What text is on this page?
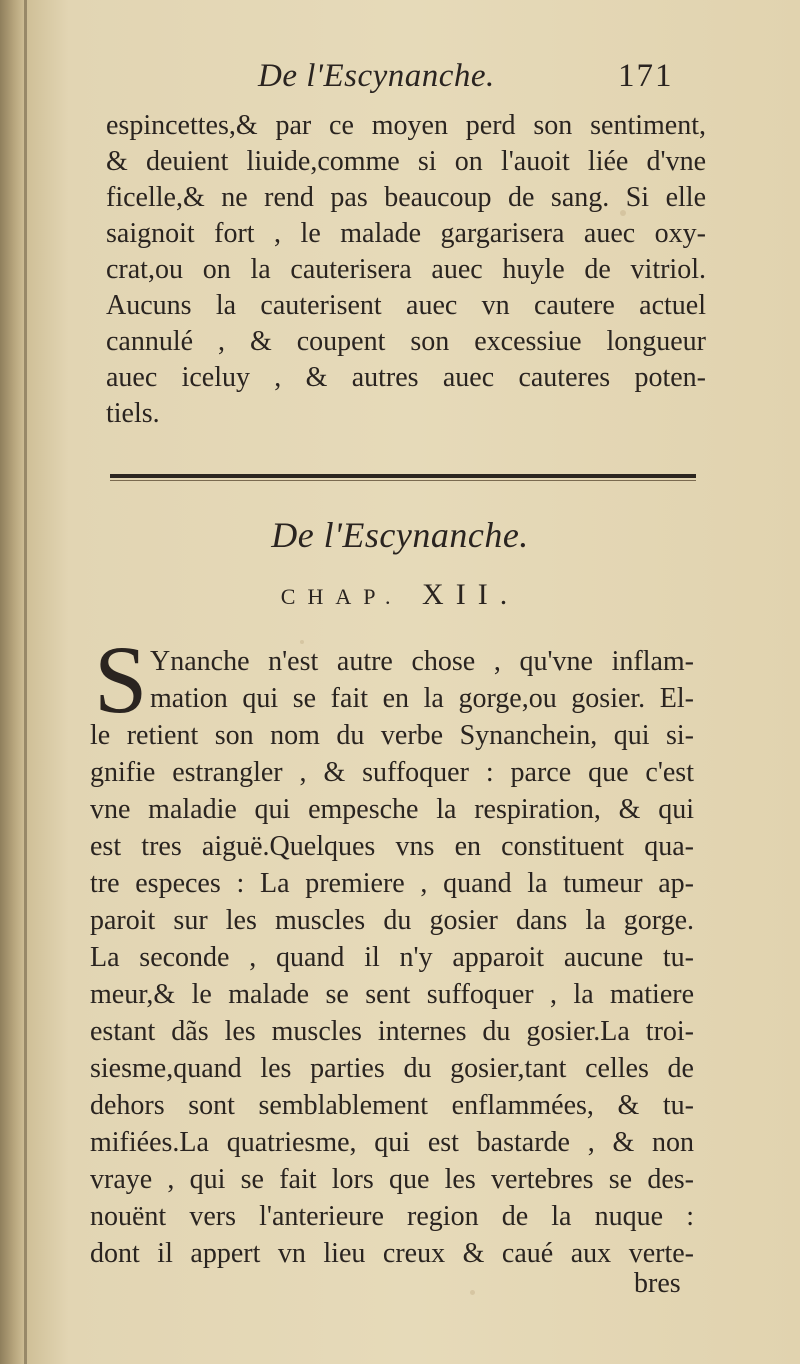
De l'Escynanche.	171
espincettes,& par ce moyen perd son sentiment,
& deuient liuide,comme si on l'auoit liée d'vne
ficelle,& ne rend pas beaucoup de sang. Si elle
saignoit fort , le malade gargarisera auec oxy-
crat,ou on la cauterisera auec huyle de vitriol.
Aucuns la cauterisent auec vn cautere actuel
cannulé , & coupent son excessiue longueur
auec iceluy , & autres auec cauteres poten-
tiels.
De l'Escynanche.
CHAP. XII.
S Ynanche n'est autre chose , qu'vne inflam-
mation qui se fait en la gorge,ou gosier. El-
le retient son nom du verbe Synanchein, qui si-
gnifie estrangler , & suffoquer : parce que c'est
vne maladie qui empesche la respiration, & qui
est tres aiguë.Quelques vns en constituent qua-
tre especes : La premiere , quand la tumeur ap-
paroit sur les muscles du gosier dans la gorge.
La seconde , quand il n'y apparoit aucune tu-
meur,& le malade se sent suffoquer , la matiere
estant dãs les muscles internes du gosier.La troi-
siesme,quand les parties du gosier,tant celles de
dehors sont semblablement enflammées, & tu-
mifiées.La quatriesme, qui est bastarde , & non
vraye , qui se fait lors que les vertebres se des-
nouënt vers l'anterieure region de la nuque :
dont il appert vn lieu creux & caué aux verte-
bres
